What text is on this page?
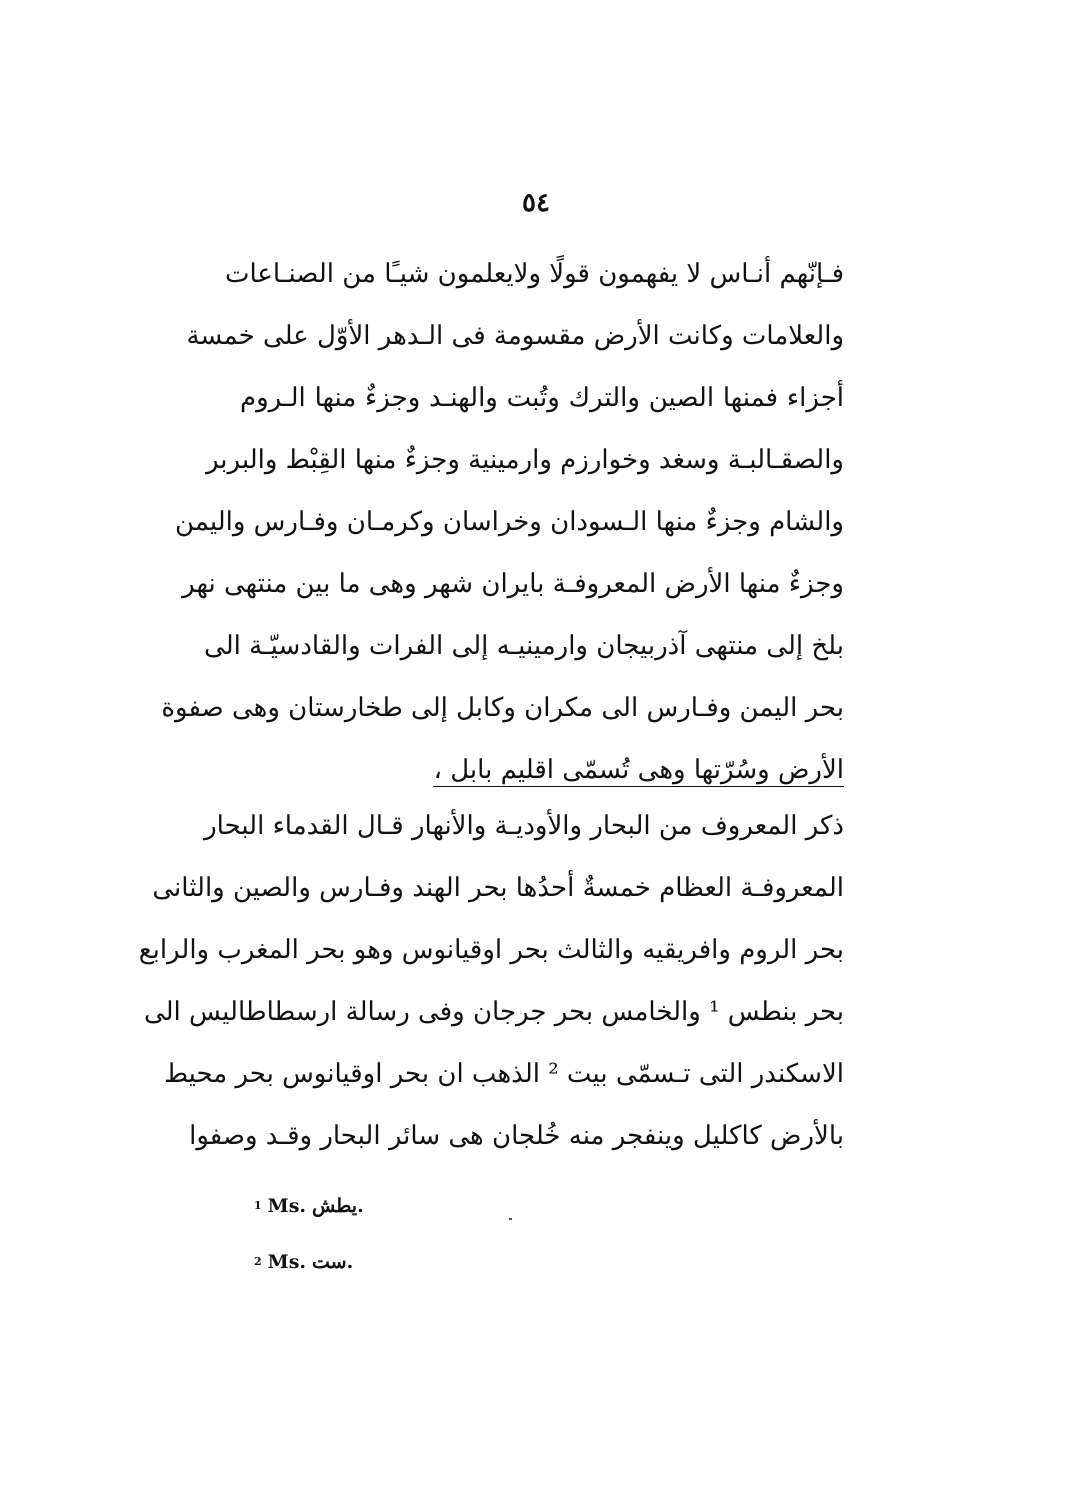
٥٤
فـإنّهم أنـاس لا يفهمون قولًا ولايعلمون شيـًا من الصنـاعات
والعلامات وكانت الأرض مقسومة فى الـدهر الأوّل على خمسة
أجزاء فمنها الصين والترك وتُبت والهنـد وجزءٌ منها الـروم
والصقـالبـة وسغد وخوارزم وارمينية وجزءٌ منها القِبْط والبربر
والشام وجزءٌ منها الـسودان وخراسان وكرمـان وفـارس واليمن
وجزءٌ منها الأرض المعروفـة بايران شهر وهى ما بين منتهى نهر
بلخ إلى منتهى آذربيجان وارمينيـه إلى الفرات والقادسيّـة الى
بحر اليمن وفـارس الى مكران وكابل إلى طخارستان وهى صفوة
الأرض وسُرّتها وهى تُسمّى اقليم بابل ،
ذكر المعروف من البحار والأوديـة والأنهار قـال القدماء البحار
المعروفـة العظام خمسةٌ أحدُها بحر الهند وفـارس والصين والثانى
بحر الروم وافريقيه والثالث بحر اوقيانوس وهو بحر المغرب والرابع
بحر بنطس ¹ والخامس بحر جرجان وفى رسالة ارسطاطاليس الى
الاسكندر التى تـسمّى بيت ² الذهب ان بحر اوقيانوس بحر محيط
بالأرض كاكليل وينفجر منه خُلجان هى سائر البحار وقـد وصفوا
$^1$ Ms. يطش.
$^2$ Ms. ست.
